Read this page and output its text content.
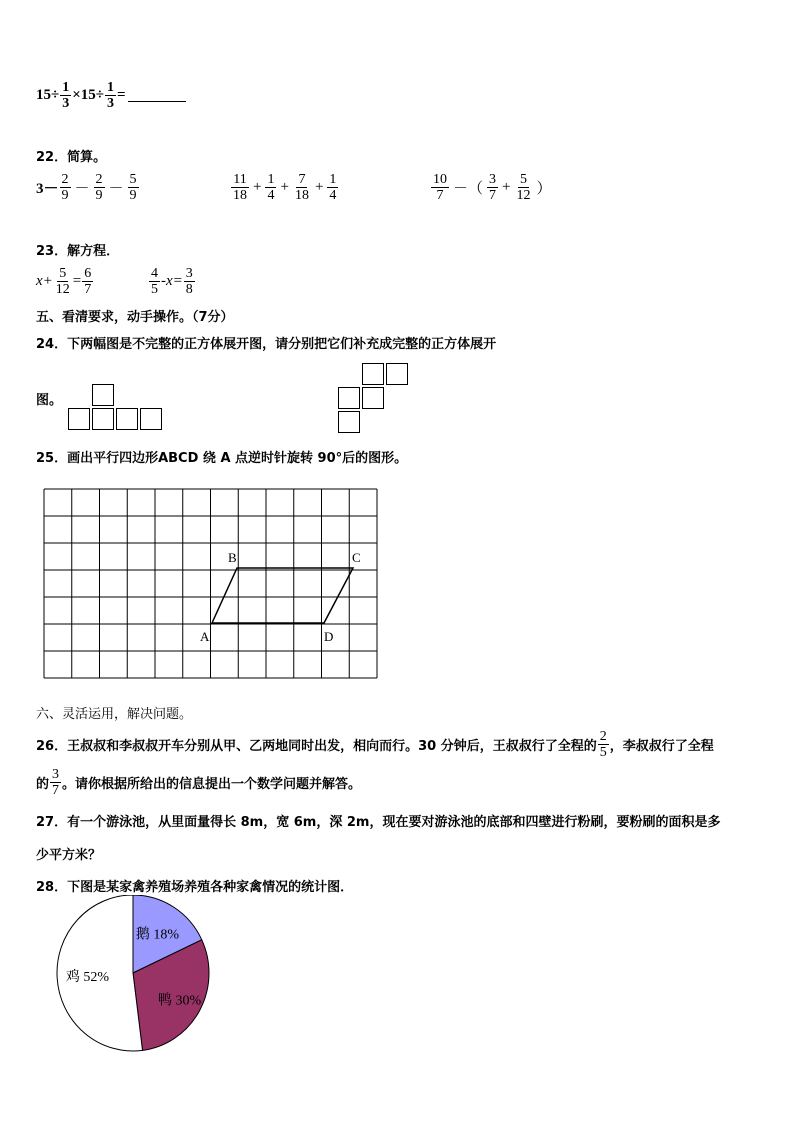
$15\div \frac{1}{3} \times 15\div \frac{1}{3}$ =
22．简算。
$3- \frac{2}{9} - \frac{2}{9} - \frac{5}{9}$	$\frac{11}{18} + \frac{1}{4} + \frac{7}{18} + \frac{1}{4}$	$\frac{10}{7}$ －（ $\frac{3}{7} + \frac{5}{12}$ ）
23．解方程．
$x+ \frac{5}{12} = \frac{6}{7}$	$\frac{4}{5} -x= \frac{3}{8}$
五、看清要求，动手操作。（7分）
24．下两幅图是不完整的正方体展开图，请分别把它们补充成完整的正方体展开
图。
25．画出平行四边形ABCD 绕 A 点逆时针旋转 90°后的图形。
A
B	C
D
六、灵活运用，解决问题。
26．王叔叔和李叔叔开车分别从甲、乙两地同时出发，相向而行。30 分钟后，王叔叔行了全程的 $\frac{2}{5}$ ，李叔叔行了全程
的 $\frac{3}{7}$ 。请你根据所给出的信息提出一个数学问题并解答。
27．有一个游泳池，从里面量得长 8m，宽 6m，深 2m，现在要对游泳池的底部和四壁进行粉刷，要粉刷的面积是多
少平方米？
28．下图是某家禽养殖场养殖各种家禽情况的统计图．
鹅 18%
鸭 30%
鸡 52%
